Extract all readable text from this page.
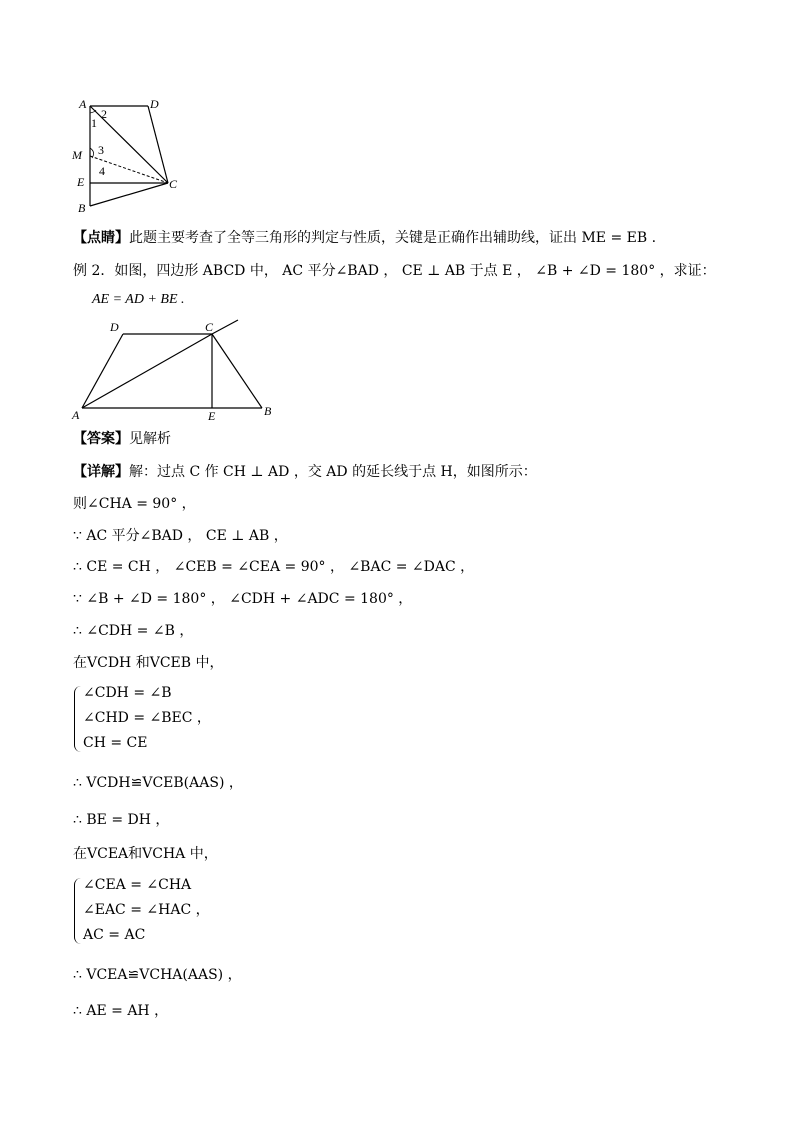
A	D
M
E
B
C
1
2
3
4
【点睛】此题主要考查了全等三角形的判定与性质，关键是正确作出辅助线，证出 ME = EB .
例 2．如图，四边形 ABCD 中， AC 平分∠BAD ， CE ⊥ AB 于点 E ， ∠B + ∠D = 180° ，求证：
AE = AD + BE .
D	C
A	E	B
【答案】见解析
【详解】解：过点 C 作 CH ⊥ AD ，交 AD 的延长线于点 H，如图所示：
则∠CHA = 90° ，
∵ AC 平分∠BAD ， CE ⊥ AB ，
∴ CE = CH ， ∠CEB = ∠CEA = 90° ， ∠BAC = ∠DAC ，
∵ ∠B + ∠D = 180° ， ∠CDH + ∠ADC = 180° ，
∴ ∠CDH = ∠B ，
在VCDH 和VCEB 中，
∠CDH = ∠B
∠CHD = ∠BEC ，
CH = CE
∴ VCDH≌VCEB(AAS) ，
∴ BE = DH ，
在VCEA和VCHA 中，
∠CEA = ∠CHA
∠EAC = ∠HAC ，
AC = AC
∴ VCEA≌VCHA(AAS) ，
∴ AE = AH ，
